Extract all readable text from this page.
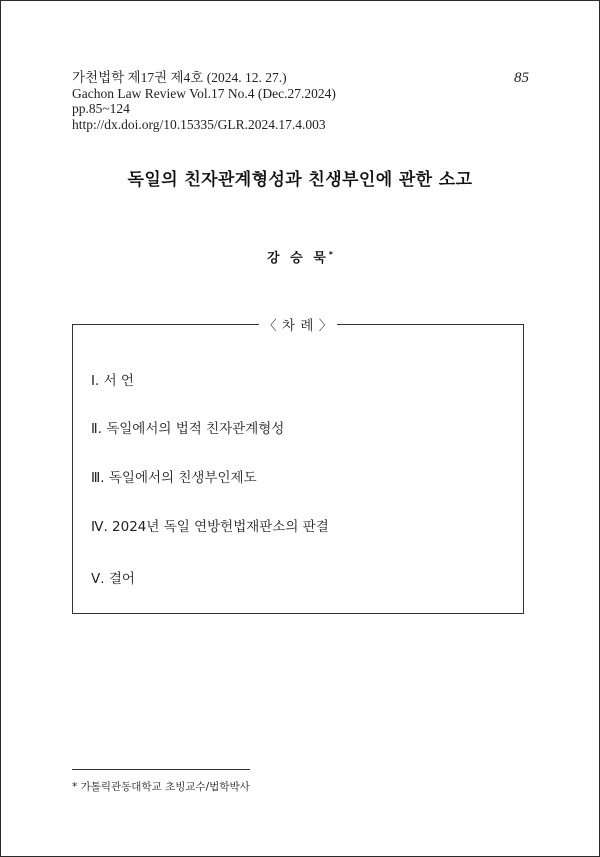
가천법학 제17권 제4호 (2024. 12. 27.)
Gachon Law Review Vol.17 No.4 (Dec.27.2024)
pp.85~124
http://dx.doi.org/10.15335/GLR.2024.17.4.003
85
독일의 친자관계형성과 친생부인에 관한 소고
강 승 묵*
〈 차 례 〉
Ⅰ. 서 언
Ⅱ. 독일에서의 법적 친자관계형성
Ⅲ. 독일에서의 친생부인제도
Ⅳ. 2024년 독일 연방헌법재판소의 판결
Ⅴ. 결어
* 가톨릭관동대학교 초빙교수/법학박사
